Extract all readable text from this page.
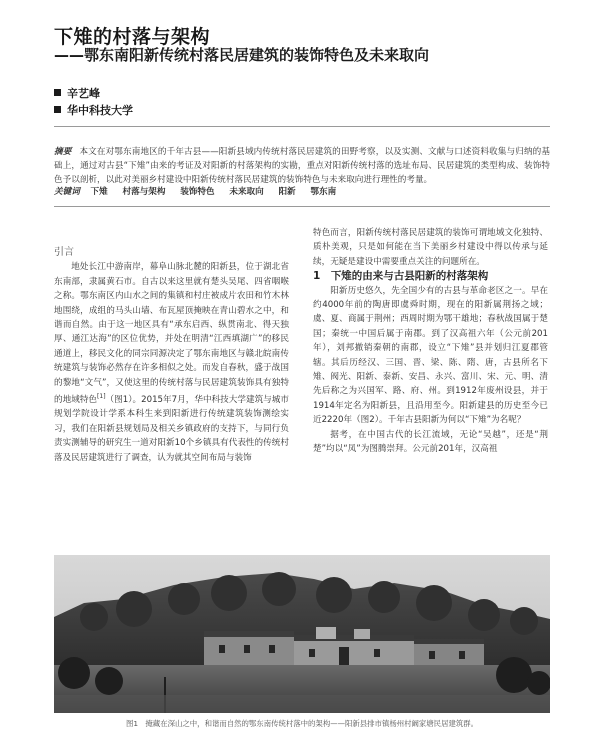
下雉的村落与架构
——鄂东南阳新传统村落民居建筑的装饰特色及未来取向
辛艺峰
华中科技大学

摘要 本文在对鄂东南地区的千年古县——阳新县域内传统村落民居建筑的田野考察，以及实测、文献与口述资料收集与归纳的基础上，通过对古县“下雉”由来的考证及对阳新的村落架构的实勘，重点对阳新传统村落的选址布局、民居建筑的类型构成、装饰特色予以剖析，以此对美丽乡村建设中阳新传统村落民居建筑的装饰特色与未来取向进行理性的考量。

关键词 下雉 村落与架构 装饰特色 未来取向 阳新 鄂东南

引言

地处长江中游南岸，幕阜山脉北麓的阳新县，位于湖北省东南部，隶属黄石市。自古以来这里就有楚头吴尾、四省咽喉之称。鄂东南区内山水之间的集镇和村庄被成片农田和竹木林地围绕，成组的马头山墙、布瓦屋顶掩映在青山碧水之中，和谐而自然。由于这一地区具有“承东启西、纵贯南北、得天独厚、通江达海”的区位优势，并处在明清“江西填湖广”的移民通道上，移民文化的同宗同源决定了鄂东南地区与赣北皖南传统建筑与装饰必然存在许多相似之处。而发自春秋，盛于战国的黎地“文气”，又使这里的传统村落与民居建筑装饰具有独特的地域特色[1]（图1）。2015年7月，华中科技大学建筑与城市规划学院设计学系本科生来到阳新进行传统建筑装饰测绘实习，我们在阳新县规划局及相关乡镇政府的支持下，与同行负责实测辅导的研究生一道对阳新10个乡镇具有代表性的传统村落及民居建筑进行了调查，认为就其空间布局与装饰

特色而言，阳新传统村落民居建筑的装饰可谓地域文化独特、质朴美观，只是如何能在当下美丽乡村建设中得以传承与延续，无疑是建设中需要重点关注的问题所在。

1　 下雉的由来与古县阳新的村落架构

阳新历史悠久，先全国少有的古县与革命老区之一。早在约4000年前的陶唐即虞舜时期，现在的阳新属荆扬之域；虞、夏、商属于荆州；西周时期为鄂干雄地；春秋战国属于楚国；秦统一中国后属于南郡。到了汉高祖六年（公元前201年），刘邦撤销秦朝的南郡，设立“下雉”县并划归江夏郡管辖。其后历经汉、三国、晋、梁、陈、隋、唐，古县所名下雉、阀光、阳新、泰新、安昌、永兴、富川、宋、元、明、清先后称之为兴国军、路、府、州。到1912年废州设县，并于1914年定名为阳新县，且沿用至今。阳新建县的历史至今已近2220年（图2）。千年古县阳新为何以“下雉”为名呢？

据考，在中国古代的长江流域，无论“吴越”，还是“荆楚”均以“凤”为图腾崇拜。公元前201年，汉高祖

图1　掩藏在深山之中，和谐而自然的鄂东南传统村落中的架构——阳新县排市镇杨州村阚家塘民居建筑群。
